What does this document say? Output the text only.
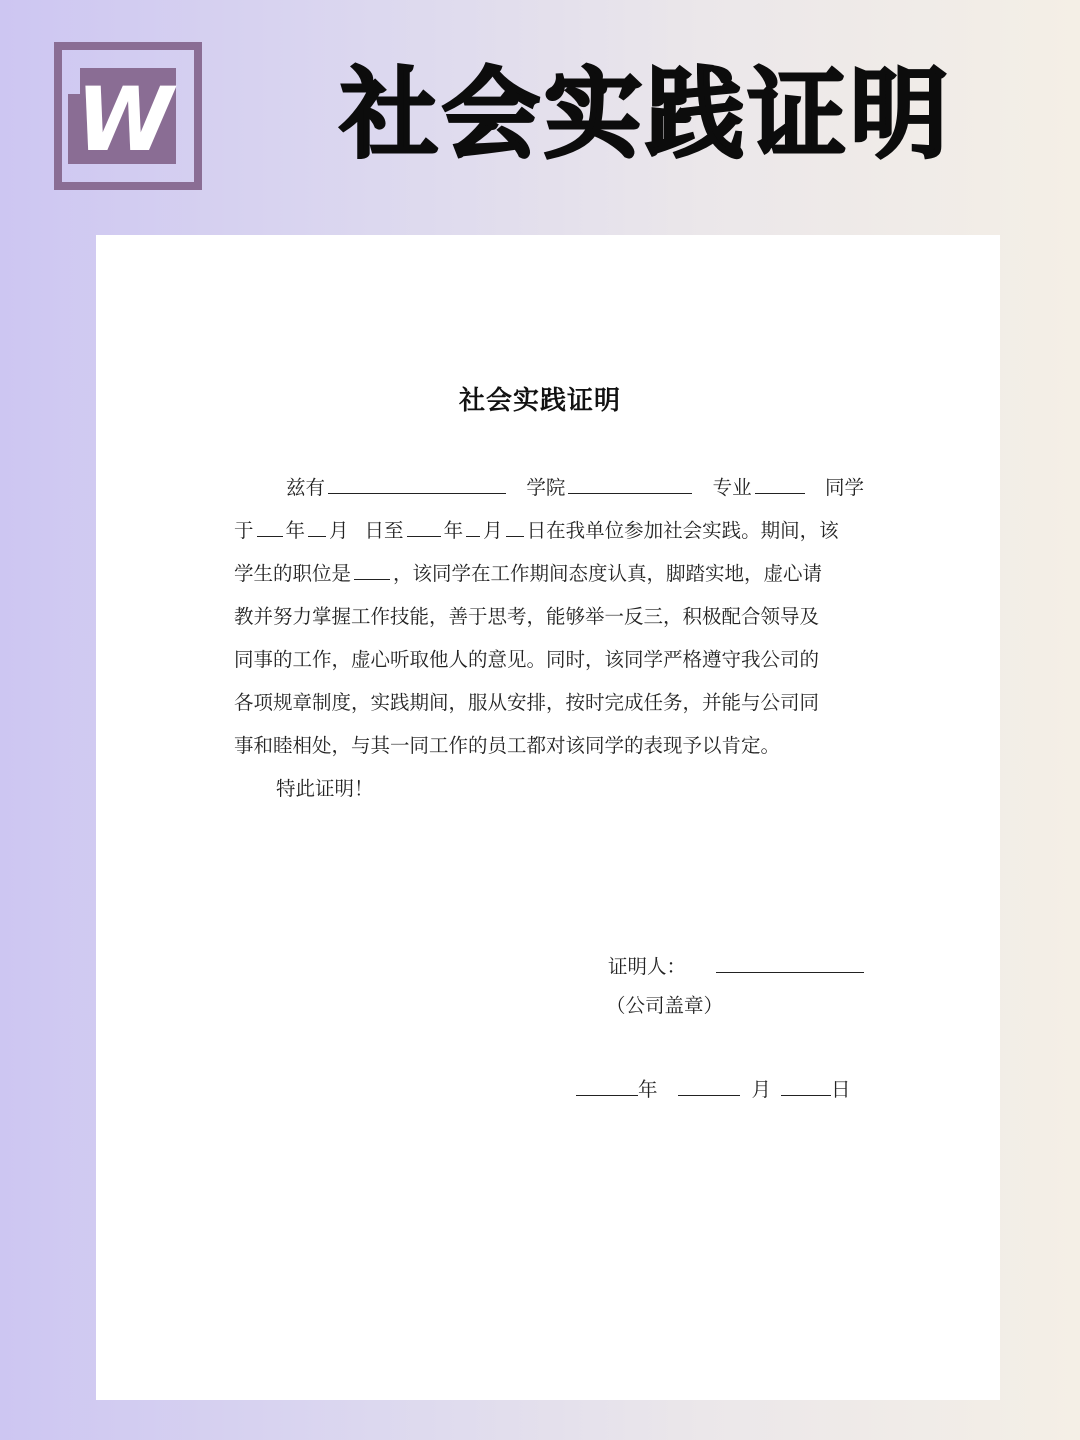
W 社会实践证明
社会实践证明
兹有	学院	专业	同学
于 年 月 日至 年 月 日在我单位参加社会实践。期间，该
学生的职位是 ，该同学在工作期间态度认真，脚踏实地，虚心请
教并努力掌握工作技能，善于思考，能够举一反三，积极配合领导及
同事的工作，虚心听取他人的意见。同时，该同学严格遵守我公司的
各项规章制度，实践期间，服从安排，按时完成任务，并能与公司同
事和睦相处，与其一同工作的员工都对该同学的表现予以肯定。
特此证明！
证明人：
（公司盖章）
年	月	日
